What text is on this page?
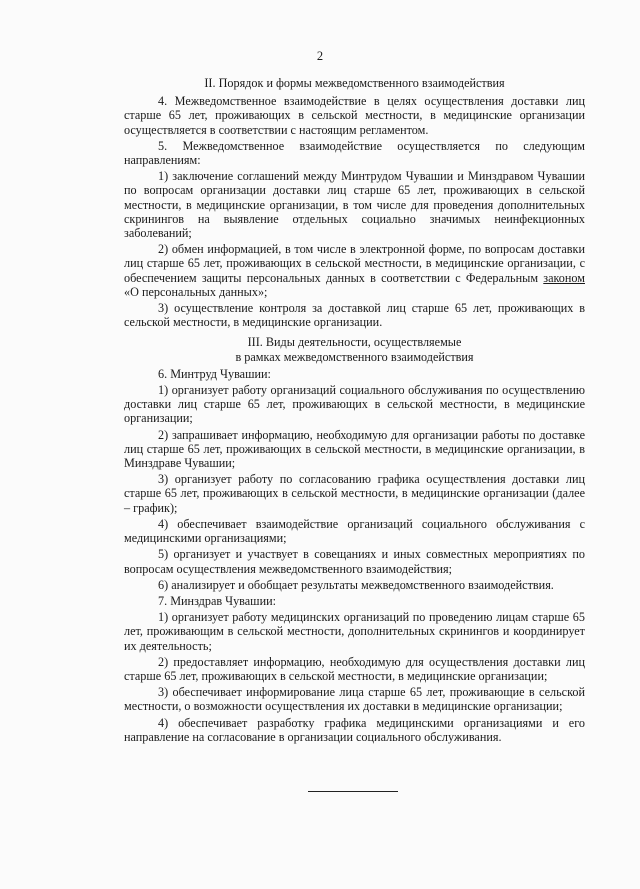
2
II. Порядок и формы межведомственного взаимодействия

4. Межведомственное взаимодействие в целях осуществления доставки лиц старше 65 лет, проживающих в сельской местности, в медицинские организации осуществляется в соответствии с настоящим регламентом.

5. Межведомственное взаимодействие осуществляется по следующим направлениям:

1) заключение соглашений между Минтрудом Чувашии и Минздравом Чувашии по вопросам организации доставки лиц старше 65 лет, проживающих в сельской местности, в медицинские организации, в том числе для проведения дополнительных скринингов на выявление отдельных социально значимых неинфекционных заболеваний;

2) обмен информацией, в том числе в электронной форме, по вопросам доставки лиц старше 65 лет, проживающих в сельской местности, в медицинские организации, с обеспечением защиты персональных данных в соответствии с Федеральным законом «О персональных данных»;

3) осуществление контроля за доставкой лиц старше 65 лет, проживающих в сельской местности, в медицинские организации.

III. Виды деятельности, осуществляемые
в рамках межведомственного взаимодействия

6. Минтруд Чувашии:

1) организует работу организаций социального обслуживания по осуществлению доставки лиц старше 65 лет, проживающих в сельской местности, в медицинские организации;

2) запрашивает информацию, необходимую для организации работы по доставке лиц старше 65 лет, проживающих в сельской местности, в медицинские организации, в Минздраве Чувашии;

3) организует работу по согласованию графика осуществления доставки лиц старше 65 лет, проживающих в сельской местности, в медицинские организации (далее – график);

4) обеспечивает взаимодействие организаций социального обслуживания с медицинскими организациями;

5) организует и участвует в совещаниях и иных совместных мероприятиях по вопросам осуществления межведомственного взаимодействия;

6) анализирует и обобщает результаты межведомственного взаимодействия.

7. Минздрав Чувашии:

1) организует работу медицинских организаций по проведению лицам старше 65 лет, проживающим в сельской местности, дополнительных скринингов и координирует их деятельность;

2) предоставляет информацию, необходимую для осуществления доставки лиц старше 65 лет, проживающих в сельской местности, в медицинские организации;

3) обеспечивает информирование лица старше 65 лет, проживающие в сельской местности, о возможности осуществления их доставки в медицинские организации;

4) обеспечивает разработку графика медицинскими организациями и его направление на согласование в организации социального обслуживания.
